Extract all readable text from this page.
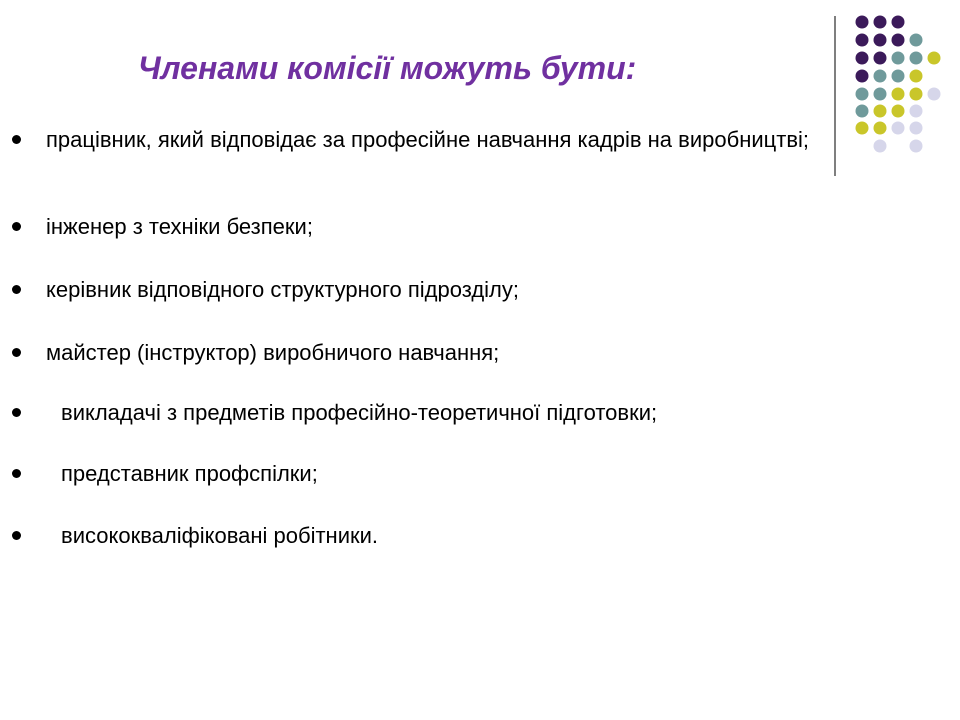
Членами комісії можуть бути:
працівник, який відповідає за професійне навчання кадрів на виробництві;
інженер з техніки безпеки;
керівник відповідного структурного підрозділу;
майстер (інструктор) виробничого навчання;
викладачі з предметів професійно-теоретичної підготовки;
представник профспілки;
висококваліфіковані робітники.
